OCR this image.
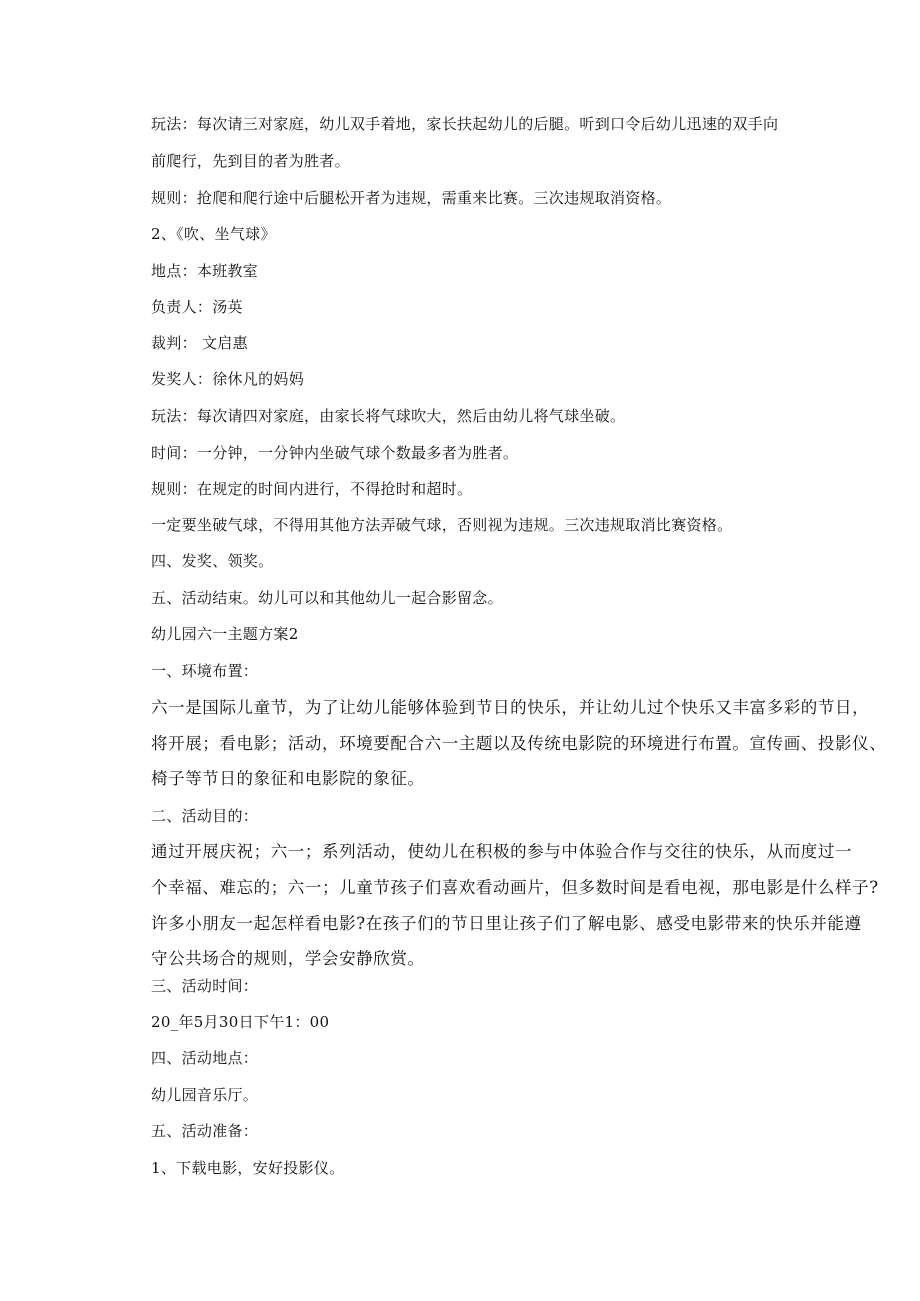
玩法：每次请三对家庭，幼儿双手着地，家长扶起幼儿的后腿。听到口令后幼儿迅速的双手向
前爬行，先到目的者为胜者。
规则：抢爬和爬行途中后腿松开者为违规，需重来比赛。三次违规取消资格。
2、《吹、坐气球》
地点：本班教室
负责人：汤英
裁判： 文启惠
发奖人：徐休凡的妈妈
玩法：每次请四对家庭，由家长将气球吹大，然后由幼儿将气球坐破。
时间：一分钟，一分钟内坐破气球个数最多者为胜者。
规则：在规定的时间内进行，不得抢时和超时。
一定要坐破气球，不得用其他方法弄破气球，否则视为违规。三次违规取消比赛资格。
四、发奖、领奖。
五、活动结束。幼儿可以和其他幼儿一起合影留念。
幼儿园六一主题方案2
一、环境布置：
六一是国际儿童节，为了让幼儿能够体验到节日的快乐，并让幼儿过个快乐又丰富多彩的节日，
将开展；看电影；活动，环境要配合六一主题以及传统电影院的环境进行布置。宣传画、投影仪、
椅子等节日的象征和电影院的象征。
二、活动目的：
通过开展庆祝；六一；系列活动，使幼儿在积极的参与中体验合作与交往的快乐，从而度过一
个幸福、难忘的；六一；儿童节孩子们喜欢看动画片，但多数时间是看电视，那电影是什么样子?
许多小朋友一起怎样看电影?在孩子们的节日里让孩子们了解电影、感受电影带来的快乐并能遵
守公共场合的规则，学会安静欣赏。
三、活动时间：
20_年5月30日下午1：00
四、活动地点：
幼儿园音乐厅。
五、活动准备：
1、下载电影，安好投影仪。
